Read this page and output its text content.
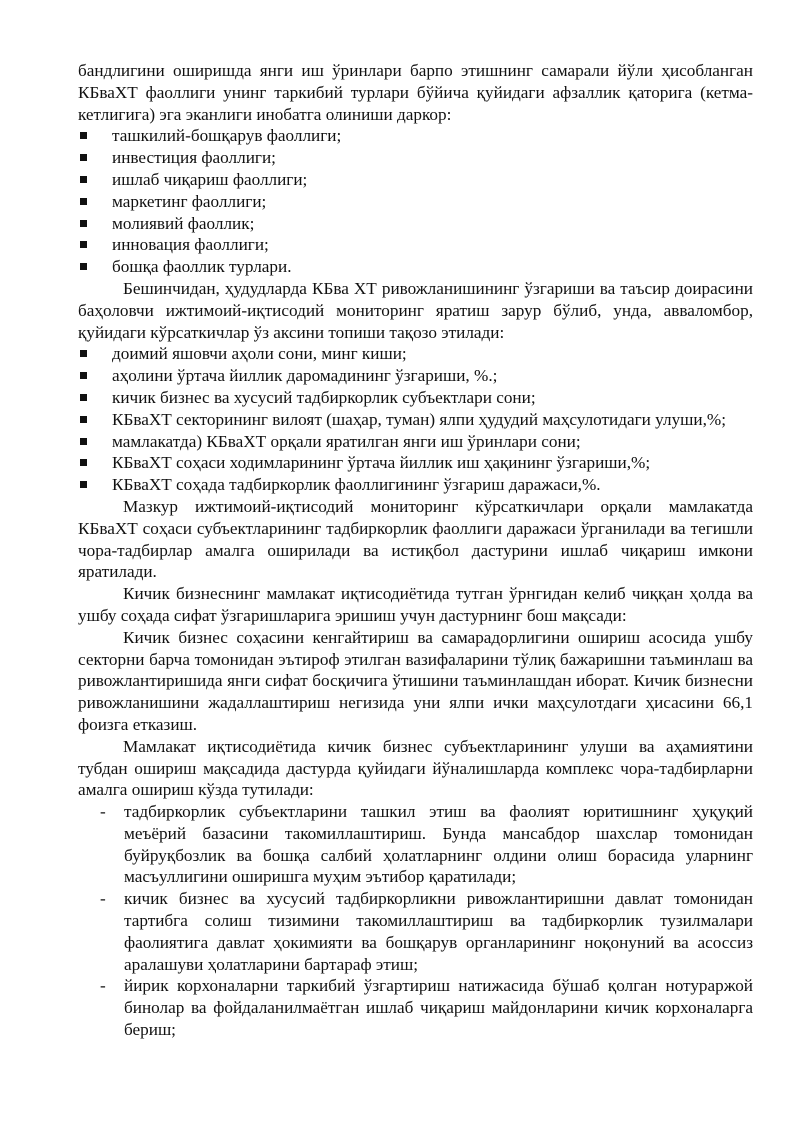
бандлигини оширишда янги иш ўринлари барпо этишнинг самарали йўли ҳисобланган КБваХТ фаоллиги унинг таркибий турлари бўйича қуйидаги афзаллик қаторига (кетма-кетлигига) эга эканлиги инобатга олиниши даркор:

ташкилий-бошқарув фаоллиги;
инвестиция фаоллиги;
ишлаб чиқариш фаоллиги;
маркетинг фаоллиги;
молиявий фаоллик;
инновация фаоллиги;
бошқа фаоллик турлари.

Бешинчидан, ҳудудларда КБва ХТ ривожланишининг ўзгариши ва таъсир доирасини баҳоловчи ижтимоий-иқтисодий мониторинг яратиш зарур бўлиб, унда, авваломбор, қуйидаги кўрсаткичлар ўз аксини топиши тақозо этилади:

доимий яшовчи аҳоли сони, минг киши;
аҳолини ўртача йиллик даромадининг ўзгариши, %.;
кичик бизнес ва хусусий тадбиркорлик субъектлари сони;
КБваХТ секторининг вилоят (шаҳар, туман) ялпи ҳудудий маҳсулотидаги улуши,%;
мамлакатда) КБваХТ орқали яратилган янги иш ўринлари сони;
КБваХТ соҳаси ходимларининг ўртача йиллик иш ҳақининг ўзгариши,%;
КБваХТ соҳада тадбиркорлик фаоллигининг ўзгариш даражаси,%.

Мазкур ижтимоий-иқтисодий мониторинг кўрсаткичлари орқали мамлакатда КБваХТ соҳаси субъектларининг тадбиркорлик фаоллиги даражаси ўрганилади ва тегишли чора-тадбирлар амалга оширилади ва истиқбол дастурини ишлаб чиқариш имкони яратилади.

Кичик бизнеснинг мамлакат иқтисодиётида тутган ўрнгидан келиб чиққан ҳолда ва ушбу соҳада сифат ўзгаришларига эришиш учун дастурнинг бош мақсади:

Кичик бизнес соҳасини кенгайтириш ва самарадорлигини ошириш асосида ушбу секторни барча томонидан эътироф этилган вазифаларини тўлиқ бажаришни таъминлаш ва ривожлантиришида янги сифат босқичига ўтишини таъминлашдан иборат. Кичик бизнесни ривожланишини жадаллаштириш негизида уни ялпи ички маҳсулотдаги ҳисасини 66,1 фоизга етказиш.

Мамлакат иқтисодиётида кичик бизнес субъектларининг улуши ва аҳамиятини тубдан ошириш мақсадида дастурда қуйидаги йўналишларда комплекс чора-тадбирларни амалга ошириш кўзда тутилади:

- тадбиркорлик субъектларини ташкил этиш ва фаолият юритишнинг ҳуқуқий меъёрий базасини такомиллаштириш. Бунда мансабдор шахслар томонидан буйруқбозлик ва бошқа салбий ҳолатларнинг олдини олиш борасида уларнинг масъуллигини оширишга муҳим эътибор қаратилади;
- кичик бизнес ва хусусий тадбиркорликни ривожлантиришни давлат томонидан тартибга солиш тизимини такомиллаштириш ва тадбиркорлик тузилмалари фаолиятига давлат ҳокимияти ва бошқарув органларининг ноқонуний ва асоссиз аралашуви ҳолатларини бартараф этиш;
- йирик корхоналарни таркибий ўзгартириш натижасида бўшаб қолган нотураржой бинолар ва фойдаланилмаётган ишлаб чиқариш майдонларини кичик корхоналарга бериш;
